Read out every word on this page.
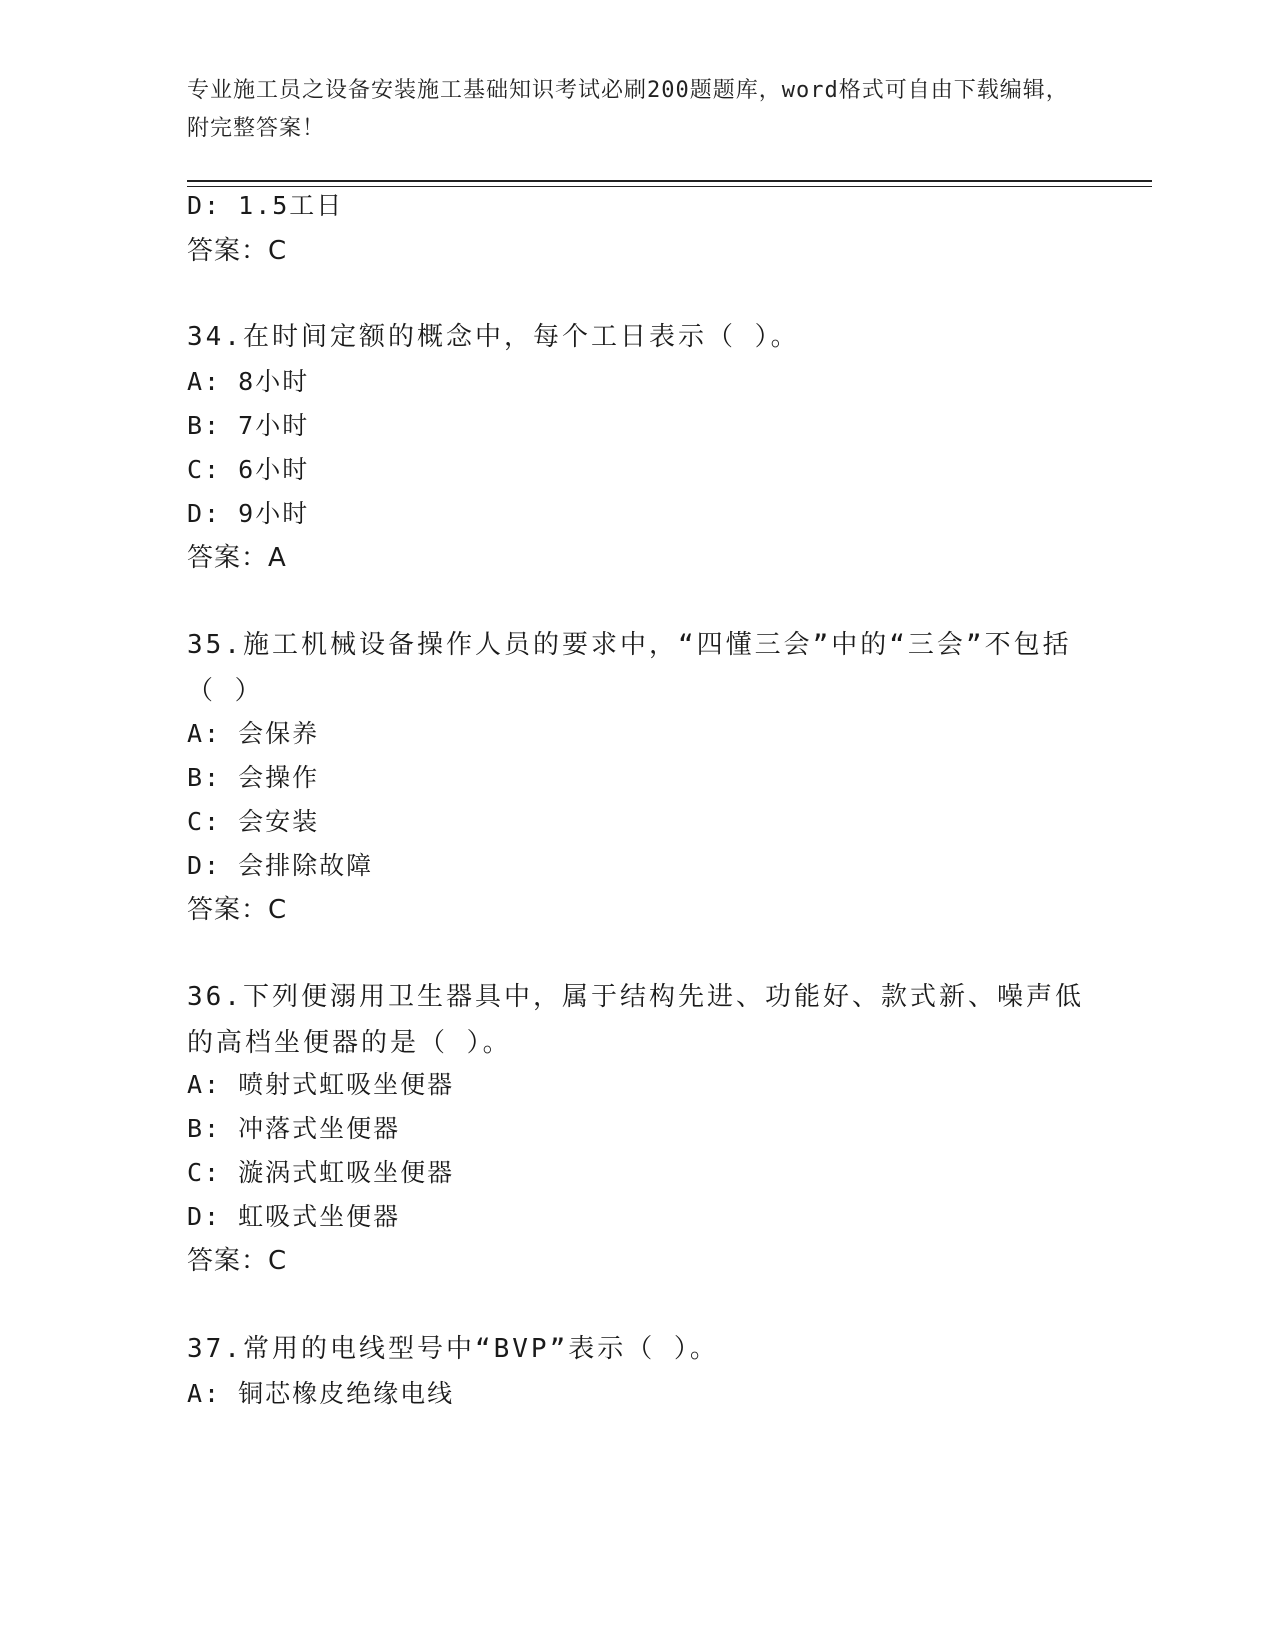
专业施工员之设备安装施工基础知识考试必刷200题题库，word格式可自由下载编辑，附完整答案！
D: 1.5工日
答案：C
34.在时间定额的概念中，每个工日表示（ ）。
A: 8小时
B: 7小时
C: 6小时
D: 9小时
答案：A
35.施工机械设备操作人员的要求中，“四懂三会”中的“三会”不包括（ ）
A: 会保养
B: 会操作
C: 会安装
D: 会排除故障
答案：C
36.下列便溺用卫生器具中，属于结构先进、功能好、款式新、噪声低的高档坐便器的是（ ）。
A: 喷射式虹吸坐便器
B: 冲落式坐便器
C: 漩涡式虹吸坐便器
D: 虹吸式坐便器
答案：C
37.常用的电线型号中“BVP”表示（ ）。
A: 铜芯橡皮绝缘电线
